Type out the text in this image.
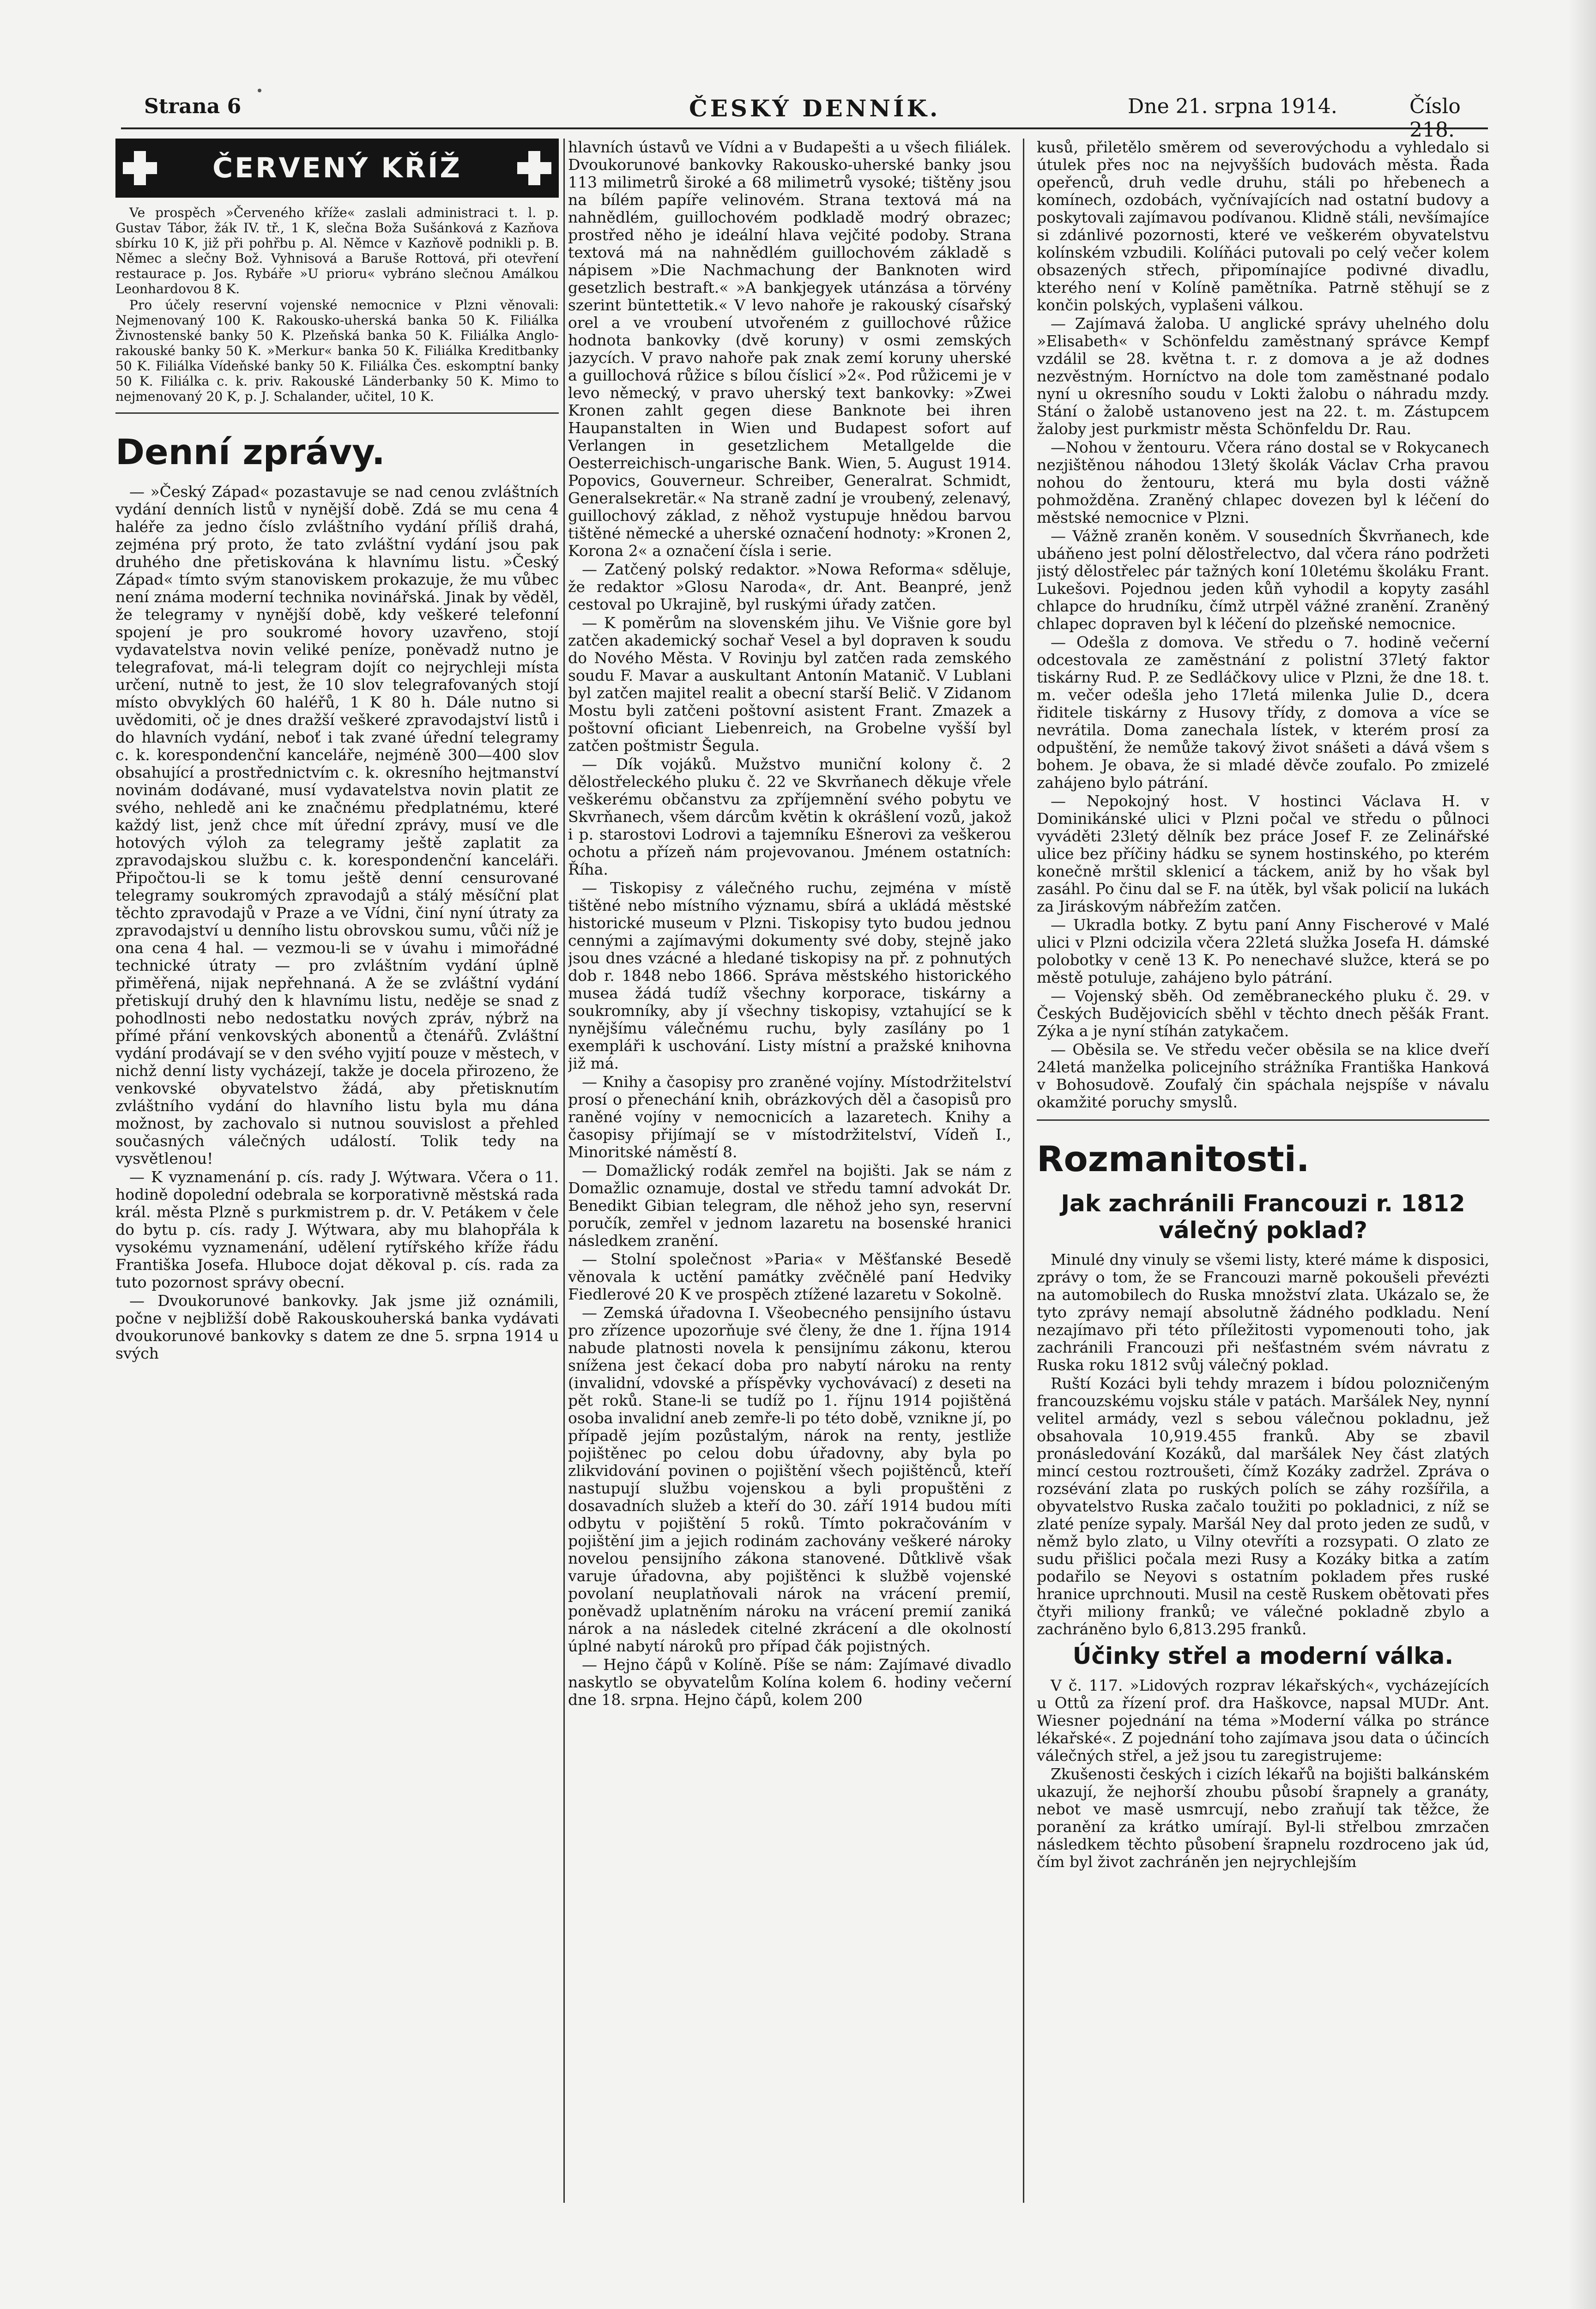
Strana 6	ČESKÝ DENNÍK.	Dne 21. srpna 1914.	Číslo 218.
ČERVENÝ KŘÍŽ

Ve prospěch »Červeného kříže« zaslali administraci t. l. p. Gustav Tábor, žák IV. tř., 1 K, slečna Boža Sušánková z Kazňova sbírku 10 K, již při pohřbu p. Al. Němce v Kazňově podnikli p. B. Němec a slečny Bož. Vyhnisová a Baruše Rottová, při otevření restaurace p. Jos. Rybáře »U prioru« vybráno slečnou Amálkou Leonhardovou 8 K.

Pro účely reservní vojenské nemocnice v Plzni věnovali: Nejmenovaný 100 K. Rakousko-uherská banka 50 K. Filiálka Živnostenské banky 50 K. Plzeňská banka 50 K. Filiálka Anglo-rakouské banky 50 K. »Merkur« banka 50 K. Filiálka Kreditbanky 50 K. Filiálka Vídeňské banky 50 K. Filiálka Čes. eskomptní banky 50 K. Filiálka c. k. priv. Rakouské Länderbanky 50 K. Mimo to nejmenovaný 20 K, p. J. Schalander, učitel, 10 K.

Denní zprávy.

— »Český Západ« pozastavuje se nad cenou zvláštních vydání denních listů v nynější době. Zdá se mu cena 4 haléře za jedno číslo zvláštního vydání příliš drahá, zejména prý proto, že tato zvláštní vydání jsou pak druhého dne přetiskována k hlavnímu listu. »Český Západ« tímto svým stanoviskem prokazuje, že mu vůbec není známa moderní technika novinářská. Jinak by věděl, že telegramy v nynější době, kdy veškeré telefonní spojení je pro soukromé hovory uzavřeno, stojí vydavatelstva novin veliké peníze, poněvadž nutno je telegrafovat, má-li telegram dojít co nejrychleji místa určení, nutně to jest, že 10 slov telegrafovaných stojí místo obvyklých 60 haléřů, 1 K 80 h. Dále nutno si uvědomiti, oč je dnes dražší veškeré zpravodajství listů i do hlavních vydání, neboť i tak zvané úřední telegramy c. k. korespondenční kanceláře, nejméně 300—400 slov obsahující a prostřednictvím c. k. okresního hejtmanství novinám dodávané, musí vydavatelstva novin platit ze svého, nehledě ani ke značnému předplatnému, které každý list, jenž chce mít úřední zprávy, musí ve dle hotových výloh za telegramy ještě zaplatit za zpravodajskou službu c. k. korespondenční kanceláři. Připočtou-li se k tomu ještě denní censurované telegramy soukromých zpravodajů a stálý měsíční plat těchto zpravodajů v Praze a ve Vídni, činí nyní útraty za zpravodajství u denního listu obrovskou sumu, vůči níž je ona cena 4 hal. — vezmou-li se v úvahu i mimořádné technické útraty — pro zvláštním vydání úplně přiměřená, nijak nepřehnaná. A že se zvláštní vydání přetiskují druhý den k hlavnímu listu, neděje se snad z pohodlnosti nebo nedostatku nových zpráv, nýbrž na přímé přání venkovských abonentů a čtenářů. Zvláštní vydání prodávají se v den svého vyjití pouze v městech, v nichž denní listy vycházejí, takže je docela přirozeno, že venkovské obyvatelstvo žádá, aby přetisknutím zvláštního vydání do hlavního listu byla mu dána možnost, by zachovalo si nutnou souvislost a přehled současných válečných událostí. Tolik tedy na vysvětlenou!

— K vyznamenání p. cís. rady J. Wýtwara. Včera o 11. hodině dopolední odebrala se korporativně městská rada král. města Plzně s purkmistrem p. dr. V. Petákem v čele do bytu p. cís. rady J. Wýtwara, aby mu blahopřála k vysokému vyznamenání, udělení rytířského kříže řádu Františka Josefa. Hluboce dojat děkoval p. cís. rada za tuto pozornost správy obecní.

— Dvoukorunové bankovky. Jak jsme již oznámili, počne v nejbližší době Rakouskouherská banka vydávati dvoukorunové bankovky s datem ze dne 5. srpna 1914 u svých

hlavních ústavů ve Vídni a v Budapešti a u všech filiálek. Dvoukorunové bankovky Rakousko-uherské banky jsou 113 milimetrů široké a 68 milimetrů vysoké; tištěny jsou na bílém papíře velinovém. Strana textová má na nahnědlém, guillochovém podkladě modrý obrazec; prostřed něho je ideální hlava vejčité podoby. Strana textová má na nahnědlém guillochovém základě s nápisem »Die Nachmachung der Banknoten wird gesetzlich bestraft.« »A bankjegyek utánzása a törvény szerint büntettetik.« V levo nahoře je rakouský císařský orel a ve vroubení utvořeném z guillochové růžice hodnota bankovky (dvě koruny) v osmi zemských jazycích. V pravo nahoře pak znak zemí koruny uherské a guillochová růžice s bílou číslicí »2«. Pod růžicemi je v levo německý, v pravo uherský text bankovky: »Zwei Kronen zahlt gegen diese Banknote bei ihren Haupanstalten in Wien und Budapest sofort auf Verlangen in gesetzlichem Metallgelde die Oesterreichisch-ungarische Bank. Wien, 5. August 1914. Popovics, Gouverneur. Schreiber, Generalrat. Schmidt, Generalsekretär.« Na straně zadní je vroubený, zelenavý, guillochový základ, z něhož vystupuje hnědou barvou tištěné německé a uherské označení hodnoty: »Kronen 2, Korona 2« a označení čísla i serie.

— Zatčený polský redaktor. »Nowa Reforma« sděluje, že redaktor »Glosu Naroda«, dr. Ant. Beanpré, jenž cestoval po Ukrajině, byl ruskými úřady zatčen.

— K poměrům na slovenském jihu. Ve Višnie gore byl zatčen akademický sochař Vesel a byl dopraven k soudu do Nového Města. V Rovinju byl zatčen rada zemského soudu F. Mavar a auskultant Antonín Matanič. V Lublani byl zatčen majitel realit a obecní starší Belič. V Zidanom Mostu byli zatčeni poštovní asistent Frant. Zmazek a poštovní oficiant Liebenreich, na Grobelne vyšší byl zatčen poštmistr Šegula.

— Dík vojáků. Mužstvo muniční kolony č. 2 dělostřeleckého pluku č. 22 ve Skvrňanech děkuje vřele veškerému občanstvu za zpříjemnění svého pobytu ve Skvrňanech, všem dárcům květin k okrášlení vozů, jakož i p. starostovi Lodrovi a tajemníku Ešnerovi za veškerou ochotu a přízeň nám projevovanou. Jménem ostatních: Říha.

— Tiskopisy z válečného ruchu, zejména v místě tištěné nebo místního významu, sbírá a ukládá městské historické museum v Plzni. Tiskopisy tyto budou jednou cennými a zajímavými dokumenty své doby, stejně jako jsou dnes vzácné a hledané tiskopisy na př. z pohnutých dob r. 1848 nebo 1866. Správa městského historického musea žádá tudíž všechny korporace, tiskárny a soukromníky, aby jí všechny tiskopisy, vztahující se k nynějšímu válečnému ruchu, byly zasílány po 1 exempláři k uschování. Listy místní a pražské knihovna již má.

— Knihy a časopisy pro zraněné vojíny. Místodržitelství prosí o přenechání knih, obrázkových děl a časopisů pro raněné vojíny v nemocnicích a lazaretech. Knihy a časopisy přijímají se v místodržitelství, Vídeň I., Minoritské náměstí 8.

— Domažlický rodák zemřel na bojišti. Jak se nám z Domažlic oznamuje, dostal ve středu tamní advokát Dr. Benedikt Gibian telegram, dle něhož jeho syn, reservní poručík, zemřel v jednom lazaretu na bosenské hranici následkem zranění.

— Stolní společnost »Paria« v Měšťanské Besedě věnovala k uctění památky zvěčnělé paní Hedviky Fiedlerové 20 K ve prospěch ztížené lazaretu v Sokolně.

— Zemská úřadovna I. Všeobecného pensijního ústavu pro zřízence upozorňuje své členy, že dne 1. října 1914 nabude platnosti novela k pensijnímu zákonu, kterou snížena jest čekací doba pro nabytí nároku na renty (invalidní, vdovské a příspěvky vychovávací) z deseti na pět roků. Stane-li se tudíž po 1. říjnu 1914 pojištěná osoba invalidní aneb zemře-li po této době, vznikne jí, po případě jejím pozůstalým, nárok na renty, jestliže pojištěnec po celou dobu úřadovny, aby byla po zlikvidování povinen o pojištění všech pojištěnců, kteří nastupují službu vojenskou a byli propuštěni z dosavadních služeb a kteří do 30. září 1914 budou míti odbytu v pojištění 5 roků. Tímto pokračováním v pojištění jim a jejich rodinám zachovány veškeré nároky novelou pensijního zákona stanovené. Důtklivě však varuje úřadovna, aby pojištěnci k službě vojenské povolaní neuplatňovali nárok na vrácení premií, poněvadž uplatněním nároku na vrácení premií zaniká nárok a na následek citelné zkrácení a dle okolností úplné nabytí nároků pro případ čák pojistných.

— Hejno čápů v Kolíně. Píše se nám: Zajímavé divadlo naskytlo se obyvatelům Kolína kolem 6. hodiny večerní dne 18. srpna. Hejno čápů, kolem 200

kusů, přiletělo směrem od severovýchodu a vyhledalo si útulek přes noc na nejvyšších budovách města. Řada opeřenců, druh vedle druhu, stáli po hřebenech a komínech, ozdobách, vyčnívajících nad ostatní budovy a poskytovali zajímavou podívanou. Klidně stáli, nevšímajíce si zdánlivé pozornosti, které ve veškerém obyvatelstvu kolínském vzbudili. Kolíňáci putovali po celý večer kolem obsazených střech, připomínajíce podivné divadlu, kterého není v Kolíně pamětníka. Patrně stěhují se z končin polských, vyplašeni válkou.

— Zajímavá žaloba. U anglické správy uhelného dolu »Elisabeth« v Schönfeldu zaměstnaný správce Kempf vzdálil se 28. května t. r. z domova a je až dodnes nezvěstným. Horníctvo na dole tom zaměstnané podalo nyní u okresního soudu v Lokti žalobu o náhradu mzdy. Stání o žalobě ustanoveno jest na 22. t. m. Zástupcem žaloby jest purkmistr města Schönfeldu Dr. Rau.

—Nohou v žentouru. Včera ráno dostal se v Rokycanech nezjištěnou náhodou 13letý školák Václav Crha pravou nohou do žentouru, která mu byla dosti vážně pohmožděna. Zraněný chlapec dovezen byl k léčení do městské nemocnice v Plzni.

— Vážně zraněn koněm. V sousedních Škvrňanech, kde ubáňeno jest polní dělostřelectvo, dal včera ráno podržeti jistý dělostřelec pár tažných koní 10letému školáku Frant. Lukešovi. Pojednou jeden kůň vyhodil a kopyty zasáhl chlapce do hrudníku, čímž utrpěl vážné zranění. Zraněný chlapec dopraven byl k léčení do plzeňské nemocnice.

— Odešla z domova. Ve středu o 7. hodině večerní odcestovala ze zaměstnání z polistní 37letý faktor tiskárny Rud. P. ze Sedláčkovy ulice v Plzni, že dne 18. t. m. večer odešla jeho 17letá milenka Julie D., dcera řiditele tiskárny z Husovy třídy, z domova a více se nevrátila. Doma zanechala lístek, v kterém prosí za odpuštění, že nemůže takový život snášeti a dává všem s bohem. Je obava, že si mladé děvče zoufalo. Po zmizelé zahájeno bylo pátrání.

— Nepokojný host. V hostinci Václava H. v Dominikánské ulici v Plzni počal ve středu o půlnoci vyváděti 23letý dělník bez práce Josef F. ze Zelinářské ulice bez příčiny hádku se synem hostinského, po kterém konečně mrštil sklenicí a táckem, aniž by ho však byl zasáhl. Po činu dal se F. na útěk, byl však policií na lukách za Jiráskovým nábřežím zatčen.

— Ukradla botky. Z bytu paní Anny Fischerové v Malé ulici v Plzni odcizila včera 22letá služka Josefa H. dámské polobotky v ceně 13 K. Po nenechavé služce, která se po městě potuluje, zahájeno bylo pátrání.

— Vojenský sběh. Od zeměbraneckého pluku č. 29. v Českých Budějovicích sběhl v těchto dnech pěšák Frant. Zýka a je nyní stíhán zatykačem.

— Oběsila se. Ve středu večer oběsila se na klice dveří 24letá manželka policejního strážníka Františka Hanková v Bohosudově. Zoufalý čin spáchala nejspíše v návalu okamžité poruchy smyslů.

Rozmanitosti.
Jak zachránili Francouzi r. 1812 válečný poklad?

Minulé dny vinuly se všemi listy, které máme k disposici, zprávy o tom, že se Francouzi marně pokoušeli převézti na automobilech do Ruska množství zlata. Ukázalo se, že tyto zprávy nemají absolutně žádného podkladu. Není nezajímavo při této příležitosti vypomenouti toho, jak zachránili Francouzi při nešťastném svém návratu z Ruska roku 1812 svůj válečný poklad.

Ruští Kozáci byli tehdy mrazem i bídou polozničeným francouzskému vojsku stále v patách. Maršálek Ney, nynní velitel armády, vezl s sebou válečnou pokladnu, jež obsahovala 10,919.455 franků. Aby se zbavil pronásledování Kozáků, dal maršálek Ney část zlatých mincí cestou roztroušeti, čímž Kozáky zadržel. Zpráva o rozsévání zlata po ruských polích se záhy rozšířila, a obyvatelstvo Ruska začalo toužiti po pokladnici, z níž se zlaté peníze sypaly. Maršál Ney dal proto jeden ze sudů, v němž bylo zlato, u Vilny otevříti a rozsypati. O zlato ze sudu přišlici počala mezi Rusy a Kozáky bitka a zatím podařilo se Neyovi s ostatním pokladem přes ruské hranice uprchnouti. Musil na cestě Ruskem obětovati přes čtyři miliony franků; ve válečné pokladně zbylo a zachráněno bylo 6,813.295 franků.

Účinky střel a moderní válka.

V č. 117. »Lidových rozprav lékařských«, vycházejících u Ottů za řízení prof. dra Haškovce, napsal MUDr. Ant. Wiesner pojednání na téma »Moderní válka po stránce lékařské«. Z pojednání toho zajímava jsou data o účincích válečných střel, a jež jsou tu zaregistrujeme:

Zkušenosti českých i cizích lékařů na bojišti balkánském ukazují, že nejhorší zhoubu působí šrapnely a granáty, nebot ve masě usmrcují, nebo zraňují tak těžce, že poranění za krátko umírají. Byl-li střelbou zmrzačen následkem těchto působení šrapnelu rozdroceno jak úd, čím byl život zachráněn jen nejrychlejším
